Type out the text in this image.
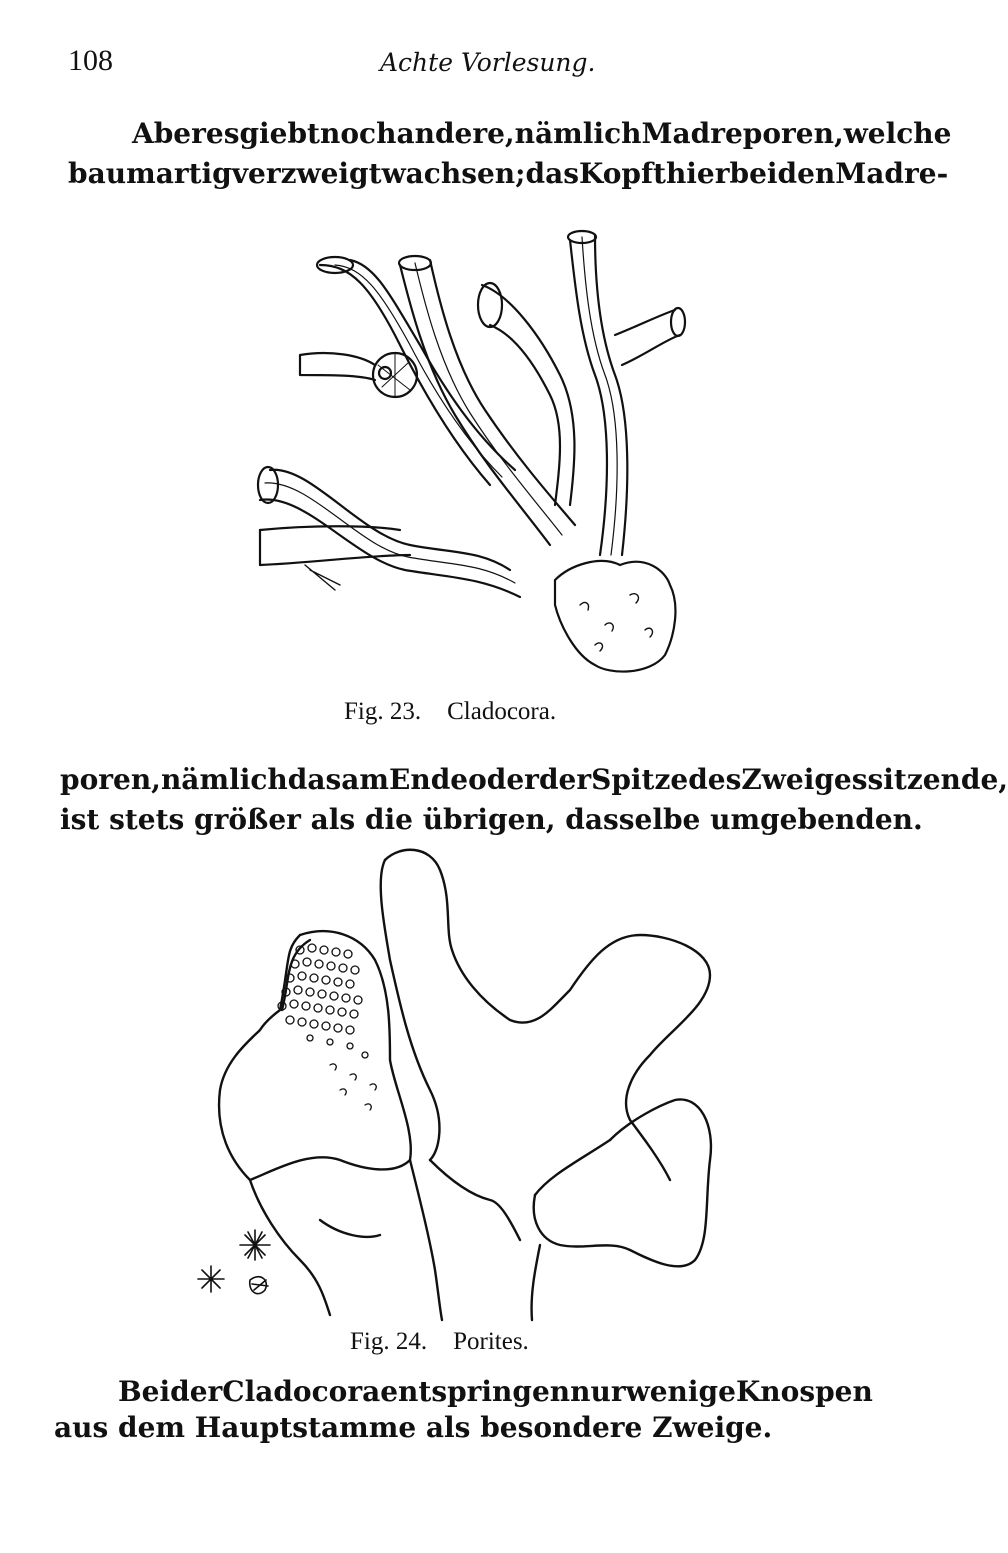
108	Achte Vorlesung.
Aber es giebt noch andere, nämlich Madreporen, welche
baumartig verzweigt wachsen; das Kopfthier bei den Madre-
Fig. 23. Cladocora.
poren, nämlich das am Ende oder der Spitze des Zweiges sitzende,
ist stets größer als die übrigen, dasselbe umgebenden.
Fig. 24. Porites.
Bei der Cladocora entspringen nur wenige Knospen
aus dem Hauptstamme als besondere Zweige.
